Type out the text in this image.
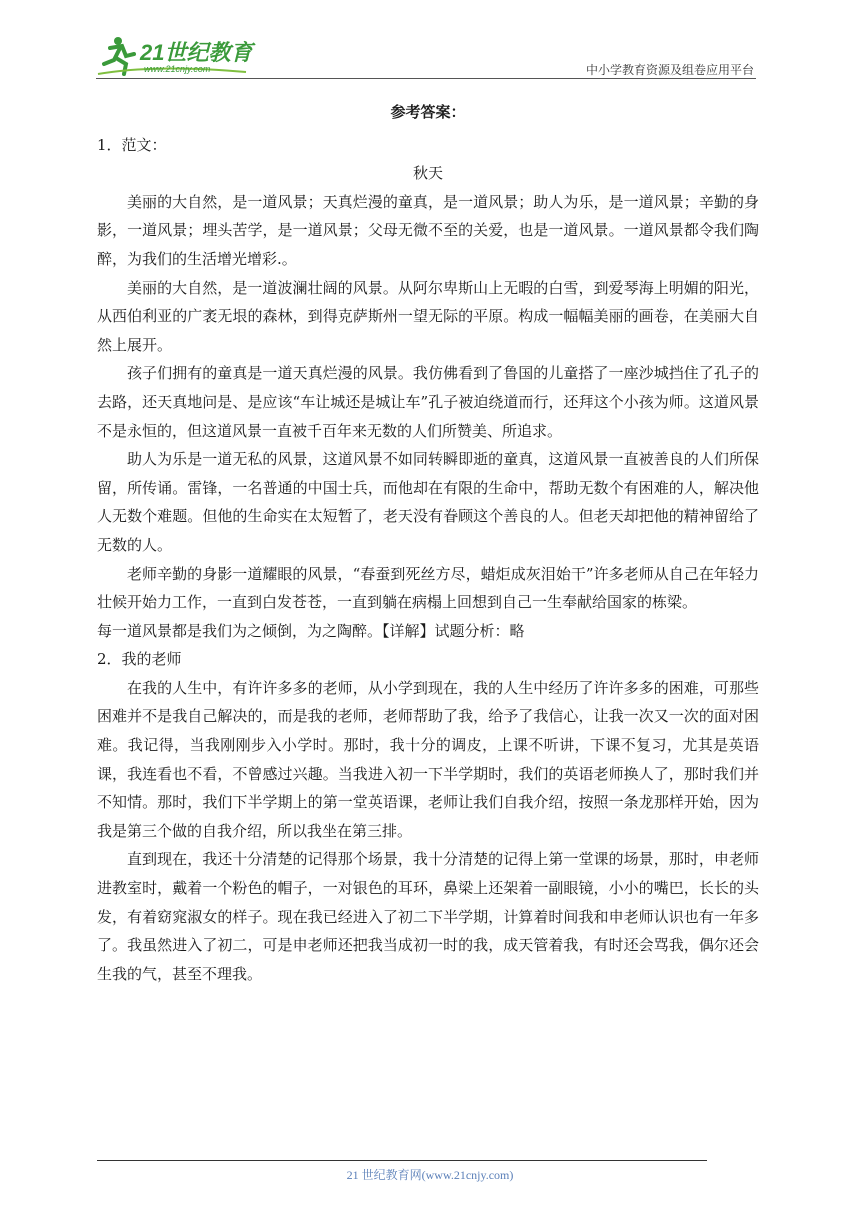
21世纪教育
www.21cnjy.com	中小学教育资源及组卷应用平台

参考答案：

1．范文：

秋天

美丽的大自然，是一道风景；天真烂漫的童真，是一道风景；助人为乐，是一道风景；辛勤的身影，一道风景；埋头苦学，是一道风景；父母无微不至的关爱，也是一道风景。一道风景都令我们陶醉，为我们的生活增光增彩.。

美丽的大自然，是一道波澜壮阔的风景。从阿尔卑斯山上无暇的白雪，到爱琴海上明媚的阳光，从西伯利亚的广袤无垠的森林，到得克萨斯州一望无际的平原。构成一幅幅美丽的画卷，在美丽大自然上展开。

孩子们拥有的童真是一道天真烂漫的风景。我仿佛看到了鲁国的儿童搭了一座沙城挡住了孔子的去路，还天真地问是、是应该“车让城还是城让车”孔子被迫绕道而行，还拜这个小孩为师。这道风景不是永恒的，但这道风景一直被千百年来无数的人们所赞美、所追求。

助人为乐是一道无私的风景，这道风景不如同转瞬即逝的童真，这道风景一直被善良的人们所保留，所传诵。雷锋，一名普通的中国士兵，而他却在有限的生命中，帮助无数个有困难的人，解决他人无数个难题。但他的生命实在太短暂了，老天没有眷顾这个善良的人。但老天却把他的精神留给了无数的人。

老师辛勤的身影一道耀眼的风景，“春蚕到死丝方尽，蜡炬成灰泪始干”许多老师从自己在年轻力壮候开始力工作，一直到白发苍苍，一直到躺在病榻上回想到自己一生奉献给国家的栋梁。

每一道风景都是我们为之倾倒，为之陶醉。【详解】试题分析：略

2．我的老师

在我的人生中，有许许多多的老师，从小学到现在，我的人生中经历了许许多多的困难，可那些困难并不是我自己解决的，而是我的老师，老师帮助了我，给予了我信心，让我一次又一次的面对困难。我记得，当我刚刚步入小学时。那时，我十分的调皮，上课不听讲，下课不复习，尤其是英语课，我连看也不看，不曾感过兴趣。当我进入初一下半学期时，我们的英语老师换人了，那时我们并不知情。那时，我们下半学期上的第一堂英语课，老师让我们自我介绍，按照一条龙那样开始，因为我是第三个做的自我介绍，所以我坐在第三排。

直到现在，我还十分清楚的记得那个场景，我十分清楚的记得上第一堂课的场景，那时，申老师进教室时，戴着一个粉色的帽子，一对银色的耳环，鼻梁上还架着一副眼镜，小小的嘴巴，长长的头发，有着窈窕淑女的样子。现在我已经进入了初二下半学期，计算着时间我和申老师认识也有一年多了。我虽然进入了初二，可是申老师还把我当成初一时的我，成天管着我，有时还会骂我，偶尔还会生我的气，甚至不理我。

21 世纪教育网(www.21cnjy.com)
